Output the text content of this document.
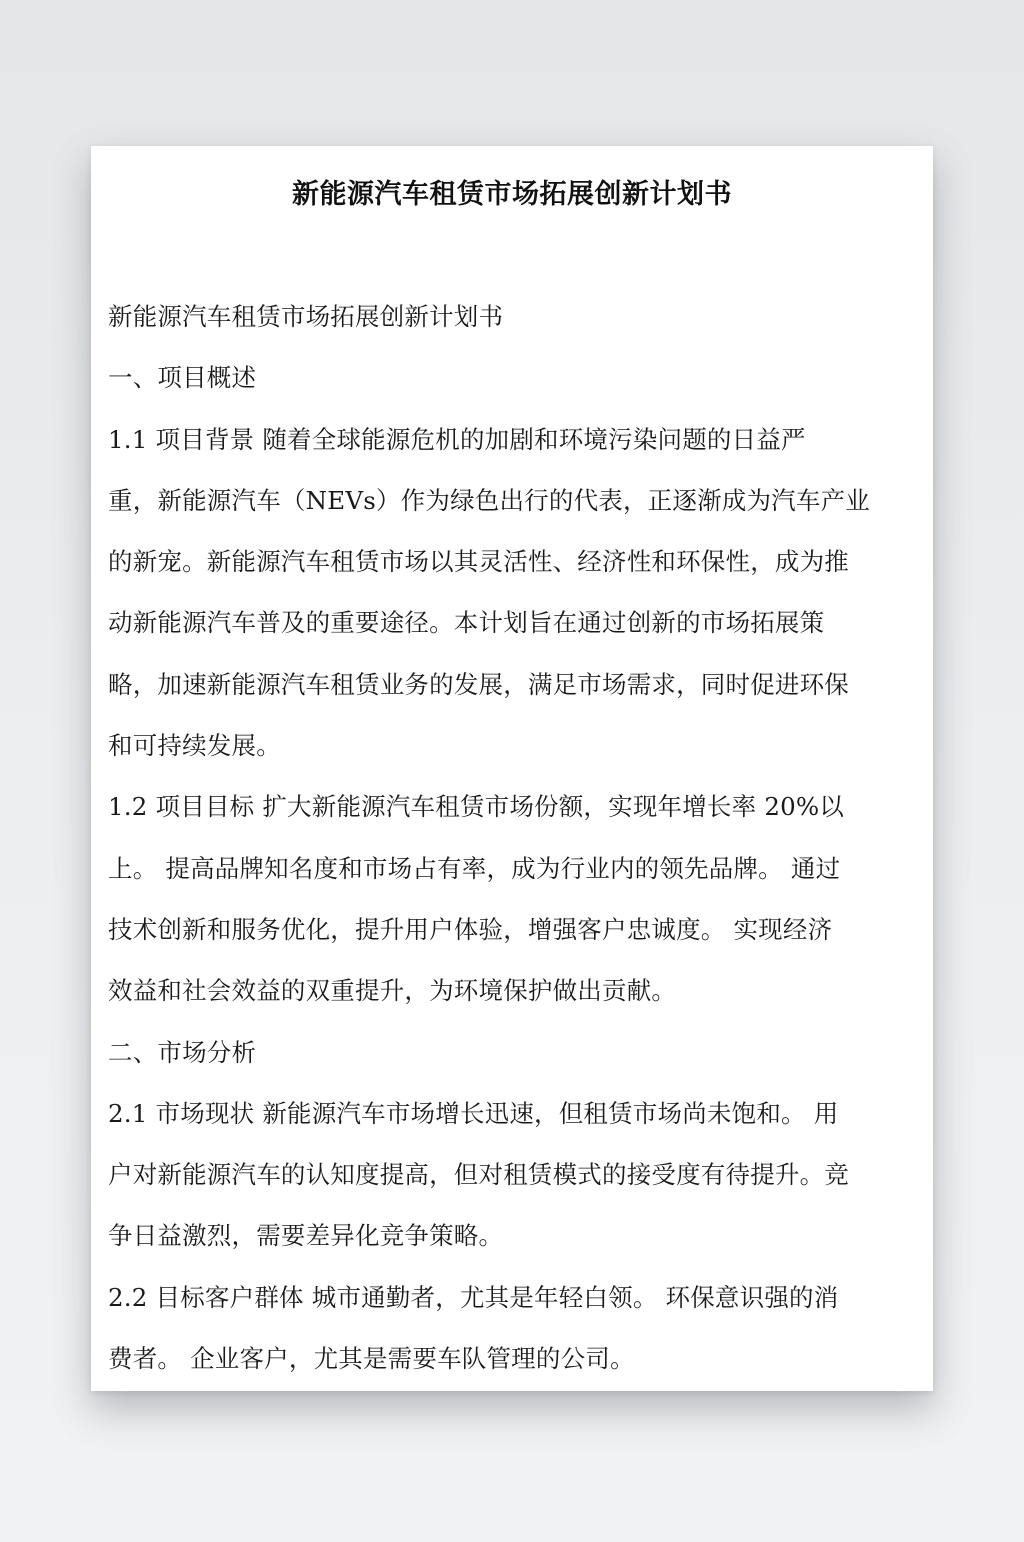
新能源汽车租赁市场拓展创新计划书
新能源汽车租赁市场拓展创新计划书
一、项目概述
1.1 项目背景 随着全球能源危机的加剧和环境污染问题的日益严
重，新能源汽车（NEVs）作为绿色出行的代表，正逐渐成为汽车产业
的新宠。新能源汽车租赁市场以其灵活性、经济性和环保性，成为推
动新能源汽车普及的重要途径。本计划旨在通过创新的市场拓展策
略，加速新能源汽车租赁业务的发展，满足市场需求，同时促进环保
和可持续发展。
1.2 项目目标 扩大新能源汽车租赁市场份额，实现年增长率 20%以
上。 提高品牌知名度和市场占有率，成为行业内的领先品牌。 通过
技术创新和服务优化，提升用户体验，增强客户忠诚度。 实现经济
效益和社会效益的双重提升，为环境保护做出贡献。
二、市场分析
2.1 市场现状 新能源汽车市场增长迅速，但租赁市场尚未饱和。 用
户对新能源汽车的认知度提高，但对租赁模式的接受度有待提升。竞
争日益激烈，需要差异化竞争策略。
2.2 目标客户群体 城市通勤者，尤其是年轻白领。 环保意识强的消
费者。 企业客户，尤其是需要车队管理的公司。
